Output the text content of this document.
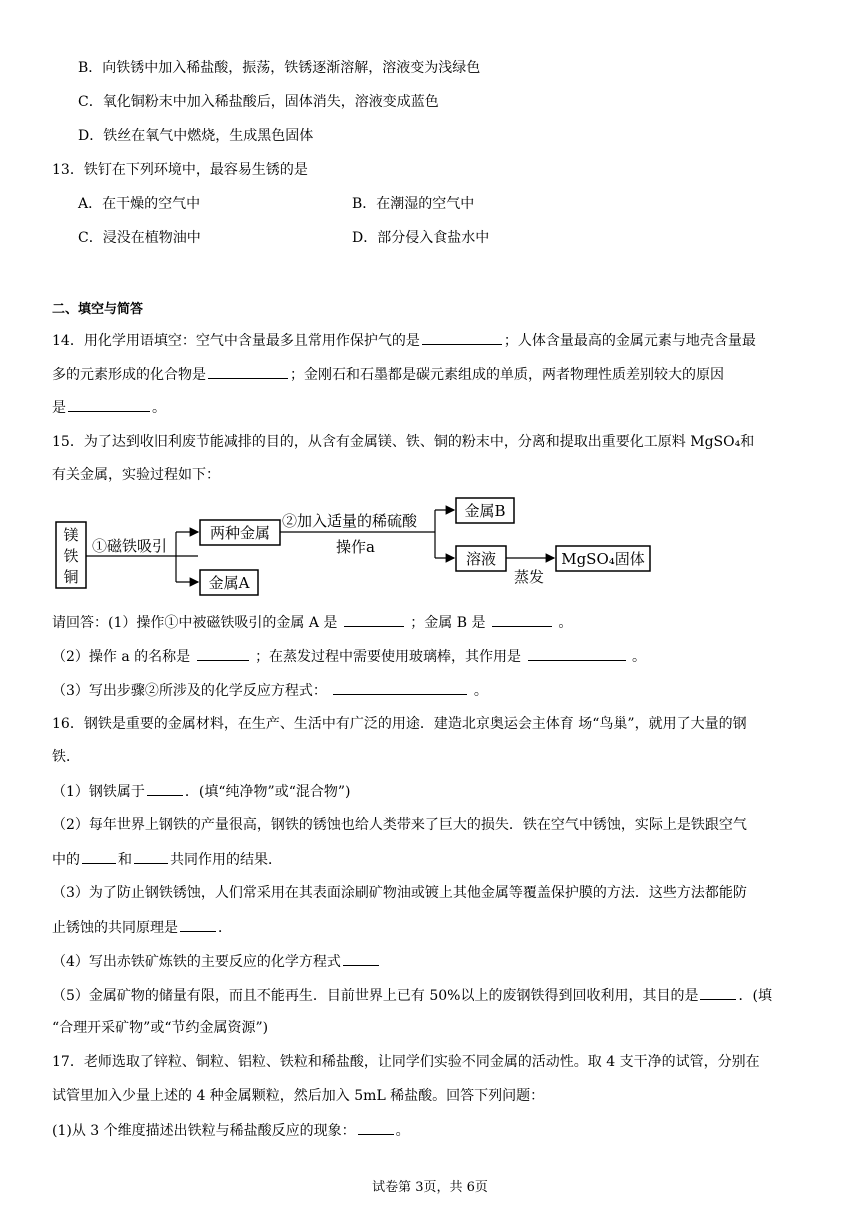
B．向铁锈中加入稀盐酸，振荡，铁锈逐渐溶解，溶液变为浅绿色
C．氧化铜粉末中加入稀盐酸后，固体消失，溶液变成蓝色
D．铁丝在氧气中燃烧，生成黑色固体
13．铁钉在下列环境中，最容易生锈的是
A．在干燥的空气中	B．在潮湿的空气中
C．浸没在植物油中	D．部分侵入食盐水中
二、填空与简答
14．用化学用语填空：空气中含量最多且常用作保护气的是	；人体含量最高的金属元素与地壳含量最
多的元素形成的化合物是	；金刚石和石墨都是碳元素组成的单质，两者物理性质差别较大的原因
是	。
15．为了达到收旧利废节能减排的目的，从含有金属镁、铁、铜的粉末中，分离和提取出重要化工原料 MgSO₄和
有关金属，实验过程如下：
镁
铁
铜
①磁铁吸引
两种金属
金属A
②加入适量的稀硫酸
操作a
金属B
溶液
蒸发
MgSO₄固体
请回答：(1）操作①中被磁铁吸引的金属 A 是	；金属 B 是	。
（2）操作 a 的名称是	；在蒸发过程中需要使用玻璃棒，其作用是	。
（3）写出步骤②所涉及的化学反应方程式：	。
16．钢铁是重要的金属材料，在生产、生活中有广泛的用途．建造北京奥运会主体育 场“鸟巢”，就用了大量的钢
铁．
（1）钢铁属于	．(填“纯净物”或“混合物”)
（2）每年世界上钢铁的产量很高，钢铁的锈蚀也给人类带来了巨大的损失．铁在空气中锈蚀，实际上是铁跟空气
中的	和	共同作用的结果．
（3）为了防止钢铁锈蚀，人们常采用在其表面涂刷矿物油或镀上其他金属等覆盖保护膜的方法．这些方法都能防
止锈蚀的共同原理是	．
（4）写出赤铁矿炼铁的主要反应的化学方程式
（5）金属矿物的储量有限，而且不能再生．目前世界上已有 50%以上的废钢铁得到回收利用，其目的是	．(填
“合理开采矿物”或“节约金属资源”)
17．老师选取了锌粒、铜粒、铝粒、铁粒和稀盐酸，让同学们实验不同金属的活动性。取 4 支干净的试管，分别在
试管里加入少量上述的 4 种金属颗粒，然后加入 5mL 稀盐酸。回答下列问题：
(1)从 3 个维度描述出铁粒与稀盐酸反应的现象：	。
试卷第 3页，共 6页
